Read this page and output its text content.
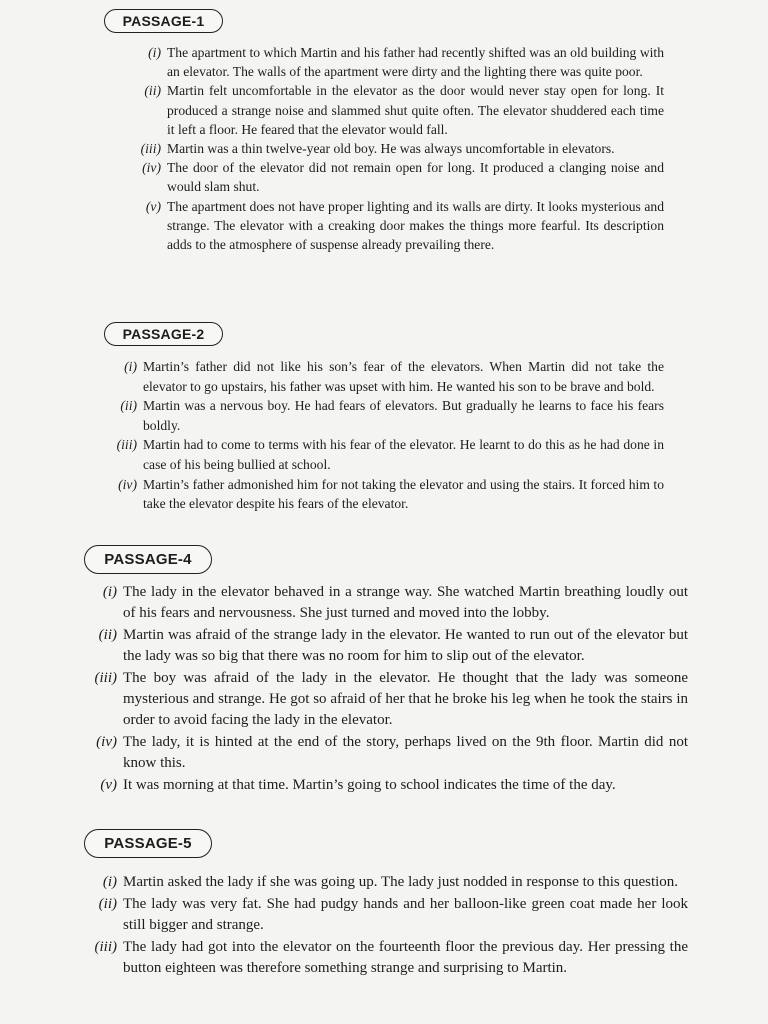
PASSAGE-1
(i) The apartment to which Martin and his father had recently shifted was an old building with an elevator. The walls of the apartment were dirty and the lighting there was quite poor.
(ii) Martin felt uncomfortable in the elevator as the door would never stay open for long. It produced a strange noise and slammed shut quite often. The elevator shuddered each time it left a floor. He feared that the elevator would fall.
(iii) Martin was a thin twelve-year old boy. He was always uncomfortable in elevators.
(iv) The door of the elevator did not remain open for long. It produced a clanging noise and would slam shut.
(v) The apartment does not have proper lighting and its walls are dirty. It looks mysterious and strange. The elevator with a creaking door makes the things more fearful. Its description adds to the atmosphere of suspense already prevailing there.
PASSAGE-2
(i) Martin’s father did not like his son’s fear of the elevators. When Martin did not take the elevator to go upstairs, his father was upset with him. He wanted his son to be brave and bold.
(ii) Martin was a nervous boy. He had fears of elevators. But gradually he learns to face his fears boldly.
(iii) Martin had to come to terms with his fear of the elevator. He learnt to do this as he had done in case of his being bullied at school.
(iv) Martin’s father admonished him for not taking the elevator and using the stairs. It forced him to take the elevator despite his fears of the elevator.
PASSAGE-4
(i) The lady in the elevator behaved in a strange way. She watched Martin breathing loudly out of his fears and nervousness. She just turned and moved into the lobby.
(ii) Martin was afraid of the strange lady in the elevator. He wanted to run out of the elevator but the lady was so big that there was no room for him to slip out of the elevator.
(iii) The boy was afraid of the lady in the elevator. He thought that the lady was someone mysterious and strange. He got so afraid of her that he broke his leg when he took the stairs in order to avoid facing the lady in the elevator.
(iv) The lady, it is hinted at the end of the story, perhaps lived on the 9th floor. Martin did not know this.
(v) It was morning at that time. Martin’s going to school indicates the time of the day.
PASSAGE-5
(i) Martin asked the lady if she was going up. The lady just nodded in response to this question.
(ii) The lady was very fat. She had pudgy hands and her balloon-like green coat made her look still bigger and strange.
(iii) The lady had got into the elevator on the fourteenth floor the previous day. Her pressing the button eighteen was therefore something strange and surprising to Martin.
